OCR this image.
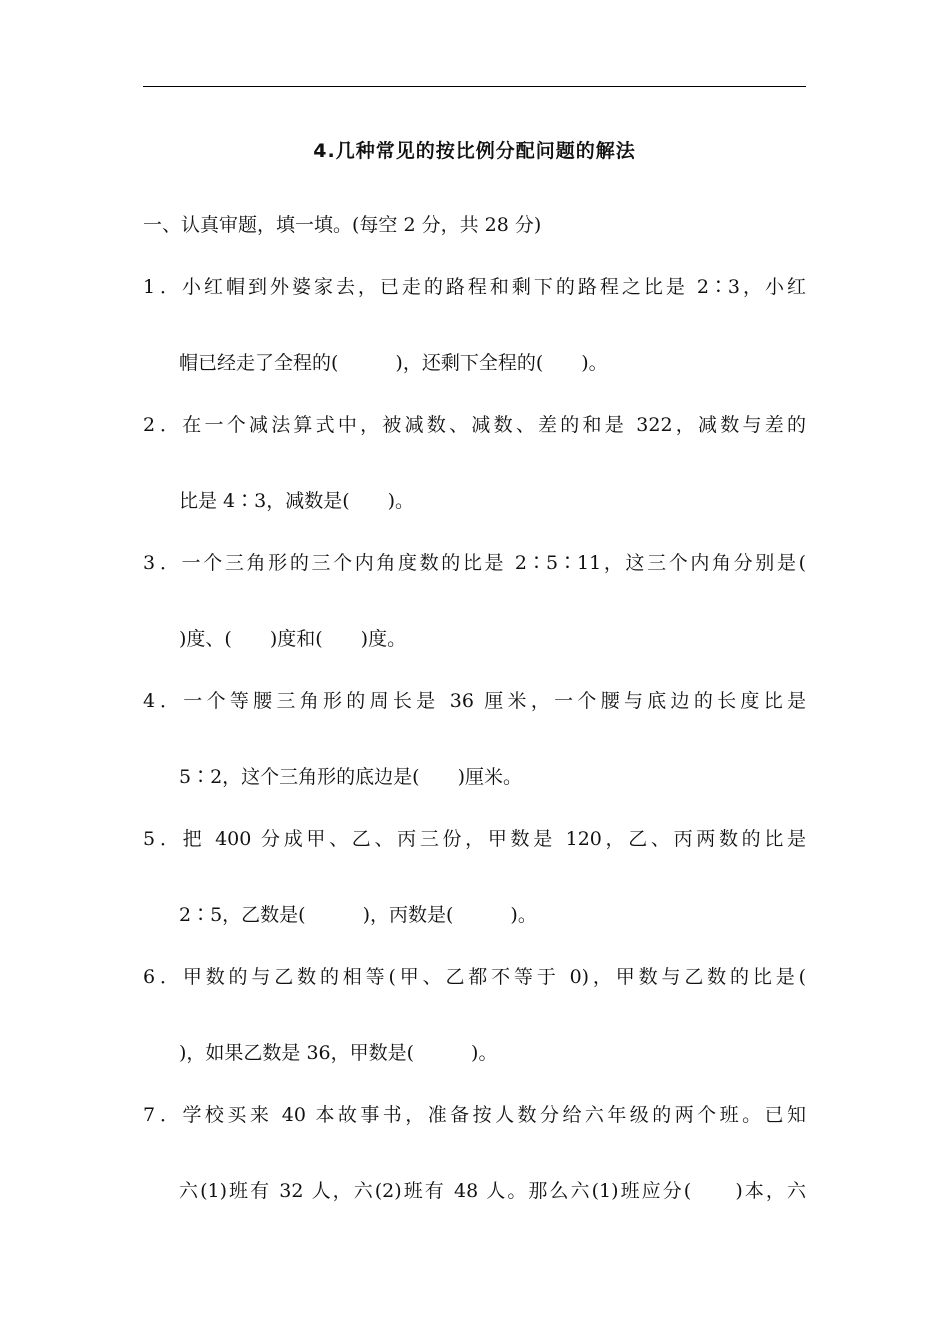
4.几种常见的按比例分配问题的解法
一、认真审题，填一填。(每空 2 分，共 28 分)
1．小红帽到外婆家去，已走的路程和剩下的路程之比是 2∶3，小红
帽已经走了全程的(　　　)，还剩下全程的(　　)。
2．在一个减法算式中，被减数、减数、差的和是 322，减数与差的
比是 4∶3，减数是(　　)。
3．一个三角形的三个内角度数的比是 2∶5∶11，这三个内角分别是(
)度、(　　)度和(　　)度。
4．一个等腰三角形的周长是 36 厘米，一个腰与底边的长度比是
5∶2，这个三角形的底边是(　　)厘米。
5．把 400 分成甲、乙、丙三份，甲数是 120，乙、丙两数的比是
2∶5，乙数是(　　　)，丙数是(　　　)。
6．甲数的与乙数的相等(甲、乙都不等于 0)，甲数与乙数的比是(
)，如果乙数是 36，甲数是(　　　)。
7．学校买来 40 本故事书，准备按人数分给六年级的两个班。已知
六(1)班有 32 人，六(2)班有 48 人。那么六(1)班应分(　　)本，六
